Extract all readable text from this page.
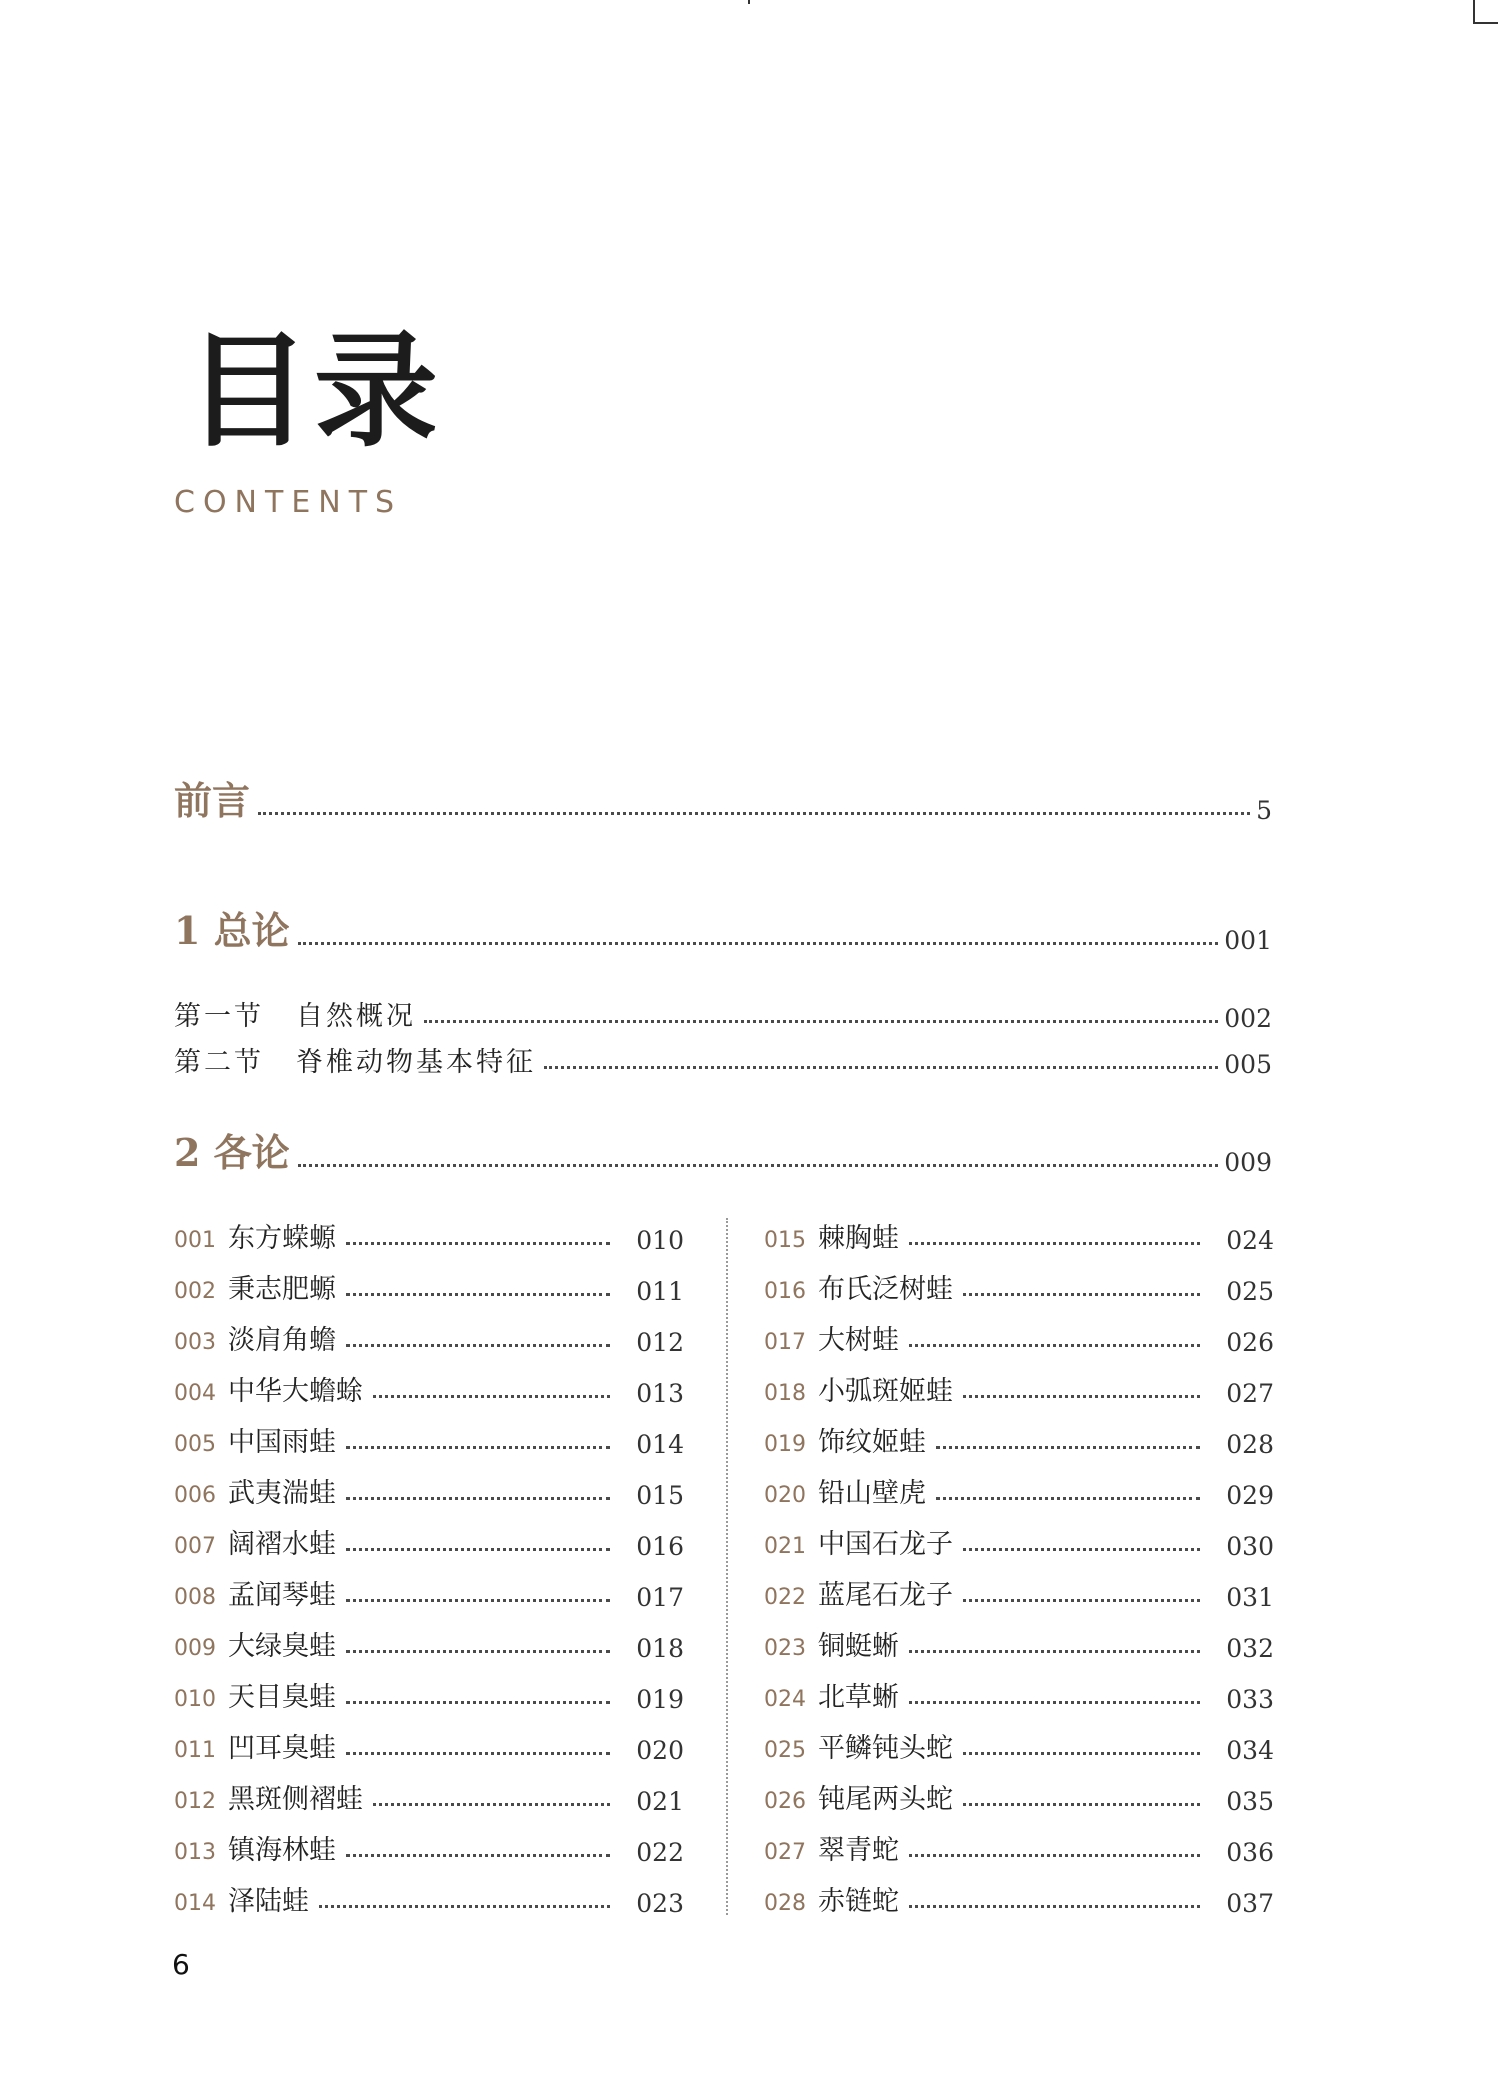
目录
CONTENTS
前言	5
1 总论	001
第一节 自然概况	002
第二节 脊椎动物基本特征	005
2 各论	009
001 东方蝾螈	010
002 秉志肥螈	011
003 淡肩角蟾	012
004 中华大蟾蜍	013
005 中国雨蛙	014
006 武夷湍蛙	015
007 阔褶水蛙	016
008 孟闻琴蛙	017
009 大绿臭蛙	018
010 天目臭蛙	019
011 凹耳臭蛙	020
012 黑斑侧褶蛙	021
013 镇海林蛙	022
014 泽陆蛙	023
015 棘胸蛙	024
016 布氏泛树蛙	025
017 大树蛙	026
018 小弧斑姬蛙	027
019 饰纹姬蛙	028
020 铅山壁虎	029
021 中国石龙子	030
022 蓝尾石龙子	031
023 铜蜓蜥	032
024 北草蜥	033
025 平鳞钝头蛇	034
026 钝尾两头蛇	035
027 翠青蛇	036
028 赤链蛇	037
6
